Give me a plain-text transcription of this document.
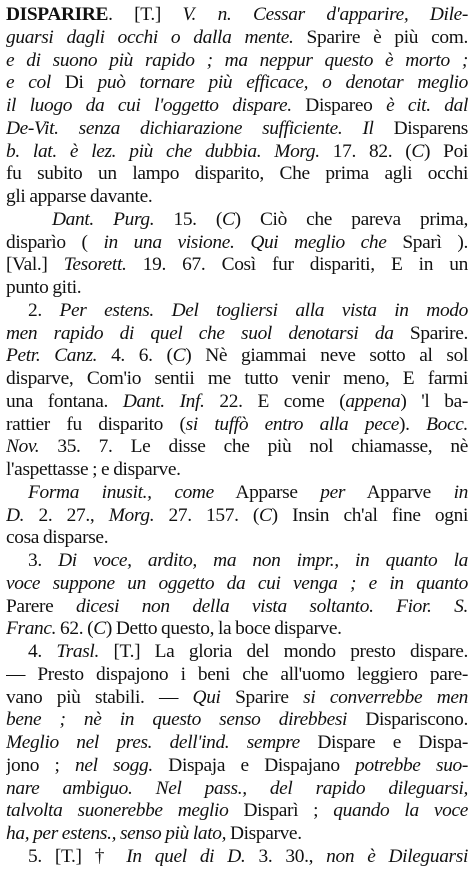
DISPARIRE. [T.] V. n. Cessar d'apparire, Dile-
guarsi dagli occhi o dalla mente. Sparire è più com.
e di suono più rapido ; ma neppur questo è morto ;
e col Di può tornare più efficace, o denotar meglio
il luogo da cui l'oggetto dispare. Dispareo è cit. dal
De-Vit. senza dichiarazione sufficiente. Il Disparens
b. lat. è lez. più che dubbia. Morg. 17. 82. (C) Poi
fu subito un lampo disparito, Che prima agli occhi
gli apparse davante.
Dant. Purg. 15. (C) Ciò che pareva prima,
disparìo ( in una visione. Qui meglio che Sparì ).
[Val.] Tesorett. 19. 67. Così fur dispariti, E in un
punto giti.
2. Per estens. Del togliersi alla vista in modo
men rapido di quel che suol denotarsi da Sparire.
Petr. Canz. 4. 6. (C) Nè giammai neve sotto al sol
disparve, Com'io sentii me tutto venir meno, E farmi
una fontana. Dant. Inf. 22. E come (appena) 'l ba-
rattier fu disparito (si tuffò entro alla pece). Bocc.
Nov. 35. 7. Le disse che più nol chiamasse, nè
l'aspettasse ; e disparve.
Forma inusit., come Apparse per Apparve in
D. 2. 27., Morg. 27. 157. (C) Insin ch'al fine ogni
cosa disparse.
3. Di voce, ardito, ma non impr., in quanto la
voce suppone un oggetto da cui venga ; e in quanto
Parere dicesi non della vista soltanto. Fior. S.
Franc. 62. (C) Detto questo, la boce disparve.
4. Trasl. [T.] La gloria del mondo presto dispare.
— Presto dispajono i beni che all'uomo leggiero pare-
vano più stabili. — Qui Sparire si converrebbe men
bene ; nè in questo senso direbbesi Dispariscono.
Meglio nel pres. dell'ind. sempre Dispare e Dispa-
jono ; nel sogg. Dispaja e Dispajano potrebbe suo-
nare ambiguo. Nel pass., del rapido dileguarsi,
talvolta suonerebbe meglio Disparì ; quando la voce
ha, per estens., senso più lato, Disparve.
5. [T.] † In quel di D. 3. 30., non è Dileguarsi
